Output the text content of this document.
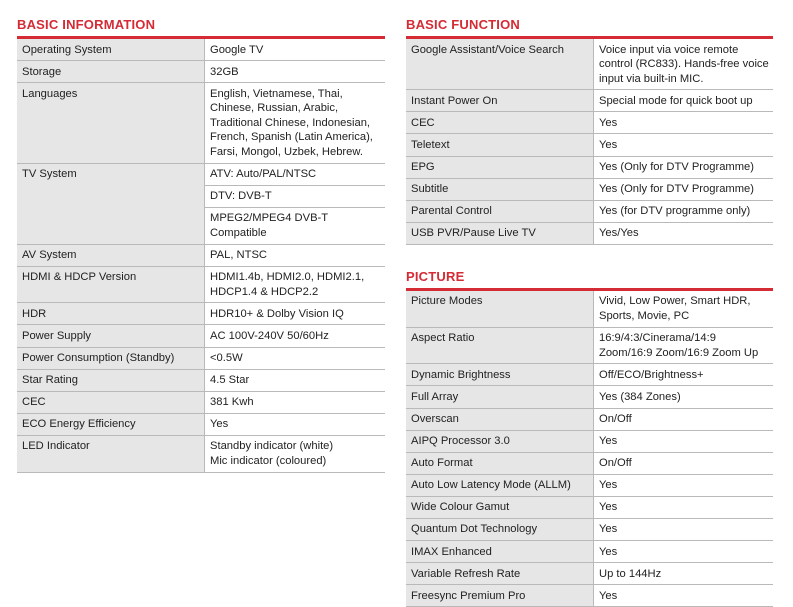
BASIC INFORMATION
Operating System	Google TV
Storage	32GB
Languages	English, Vietnamese, Thai, Chinese, Russian, Arabic, Traditional Chinese, Indonesian, French, Spanish (Latin America), Farsi, Mongol, Uzbek, Hebrew.
TV System	ATV: Auto/PAL/NTSC
DTV: DVB-T
MPEG2/MPEG4 DVB-T Compatible

AV System	PAL, NTSC
HDMI & HDCP Version	HDMI1.4b, HDMI2.0, HDMI2.1, HDCP1.4 & HDCP2.2
HDR	HDR10+ & Dolby Vision IQ
Power Supply	AC 100V-240V 50/60Hz
Power Consumption (Standby)	<0.5W
Star Rating	4.5 Star
CEC	381 Kwh
ECO Energy Efficiency	Yes
LED Indicator	Standby indicator (white)
Mic indicator (coloured)
BASIC FUNCTION
Google Assistant/Voice Search	Voice input via voice remote control (RC833). Hands-free voice input via built-in MIC.
Instant Power On	Special mode for quick boot up
CEC	Yes
Teletext	Yes
EPG	Yes (Only for DTV Programme)
Subtitle	Yes (Only for DTV Programme)
Parental Control	Yes (for DTV programme only)
USB PVR/Pause Live TV	Yes/Yes
PICTURE
Picture Modes	Vivid, Low Power, Smart HDR, Sports, Movie, PC
Aspect Ratio	16:9/4:3/Cinerama/14:9 Zoom/16:9 Zoom/16:9 Zoom Up
Dynamic Brightness	Off/ECO/Brightness+
Full Array	Yes (384 Zones)
Overscan	On/Off
AIPQ Processor 3.0	Yes
Auto Format	On/Off
Auto Low Latency Mode (ALLM)	Yes
Wide Colour Gamut	Yes
Quantum Dot Technology	Yes
IMAX Enhanced	Yes
Variable Refresh Rate	Up to 144Hz
Freesync Premium Pro	Yes
